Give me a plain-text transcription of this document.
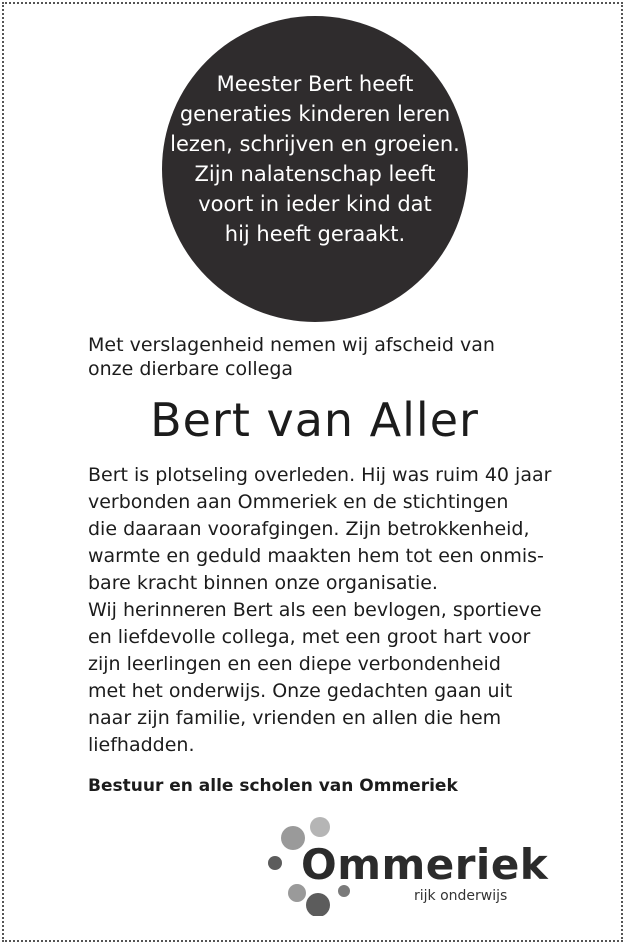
Meester Bert heeft
generaties kinderen leren
lezen, schrijven en groeien.
Zijn nalatenschap leeft
voort in ieder kind dat
hij heeft geraakt.
Met verslagenheid nemen wij afscheid van
onze dierbare collega
Bert van Aller

Bert is plotseling overleden. Hij was ruim 40 jaar

verbonden aan Ommeriek en de stichtingen

die daaraan voorafgingen. Zijn betrokkenheid,

warmte en geduld maakten hem tot een onmis-

bare kracht binnen onze organisatie.

Wij herinneren Bert als een bevlogen, sportieve

en liefdevolle collega, met een groot hart voor

zijn leerlingen en een diepe verbondenheid

met het onderwijs. Onze gedachten gaan uit

naar zijn familie, vrienden en allen die hem

liefhadden.

Bestuur en alle scholen van Ommeriek
Ommeriek
rijk onderwijs
